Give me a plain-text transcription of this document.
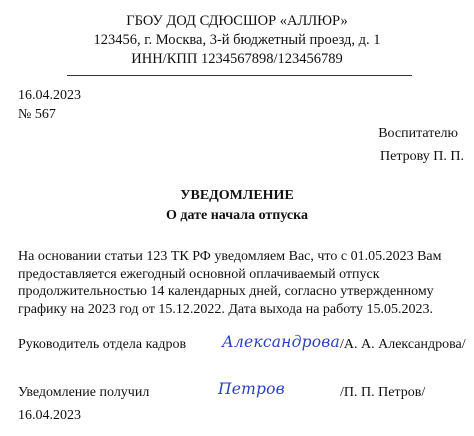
ГБОУ ДОД СДЮСШОР «АЛЛЮР»
123456, г. Москва, 3-й бюджетный проезд, д. 1
ИНН/КПП 1234567898/123456789
16.04.2023
№ 567
Воспитателю
Петрову П. П.
УВЕДОМЛЕНИЕ
О дате начала отпуска
На основании статьи 123 ТК РФ уведомляем Вас, что с 01.05.2023 Вам предоставляется ежегодный основной оплачиваемый отпуск продолжительностью 14 календарных дней, согласно утвержденному графику на 2023 год от 15.12.2022. Дата выхода на работу 15.05.2023.
Руководитель отдела кадров Александрова /А. А. Александрова/
Уведомление получил	Петров	/П. П. Петров/
16.04.2023
